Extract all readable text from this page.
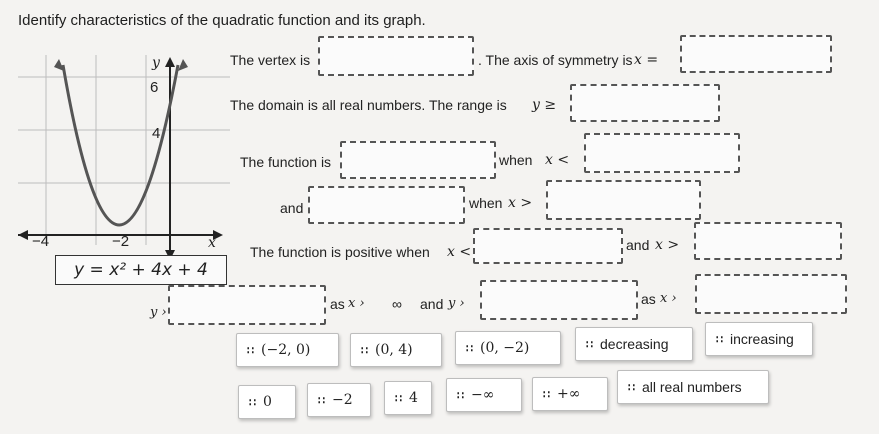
Identify characteristics of the quadratic function and its graph.
y
6
4
x
−4	−2
y = x² + 4x + 4
The vertex is	. The axis of symmetry is x =
The domain is all real numbers. The range is y ≥
The function is	when x <
and	when x >
The function is positive when x <	and x >
y ›
as x › ∞ and y ›	as x ›
∷ (−2, 0)	∷ (0, 4)	∷ (0, −2)	∷ decreasing	∷ increasing
∷ 0	∷ −2	∷ 4	∷ −∞	∷ +∞	∷ all real numbers
